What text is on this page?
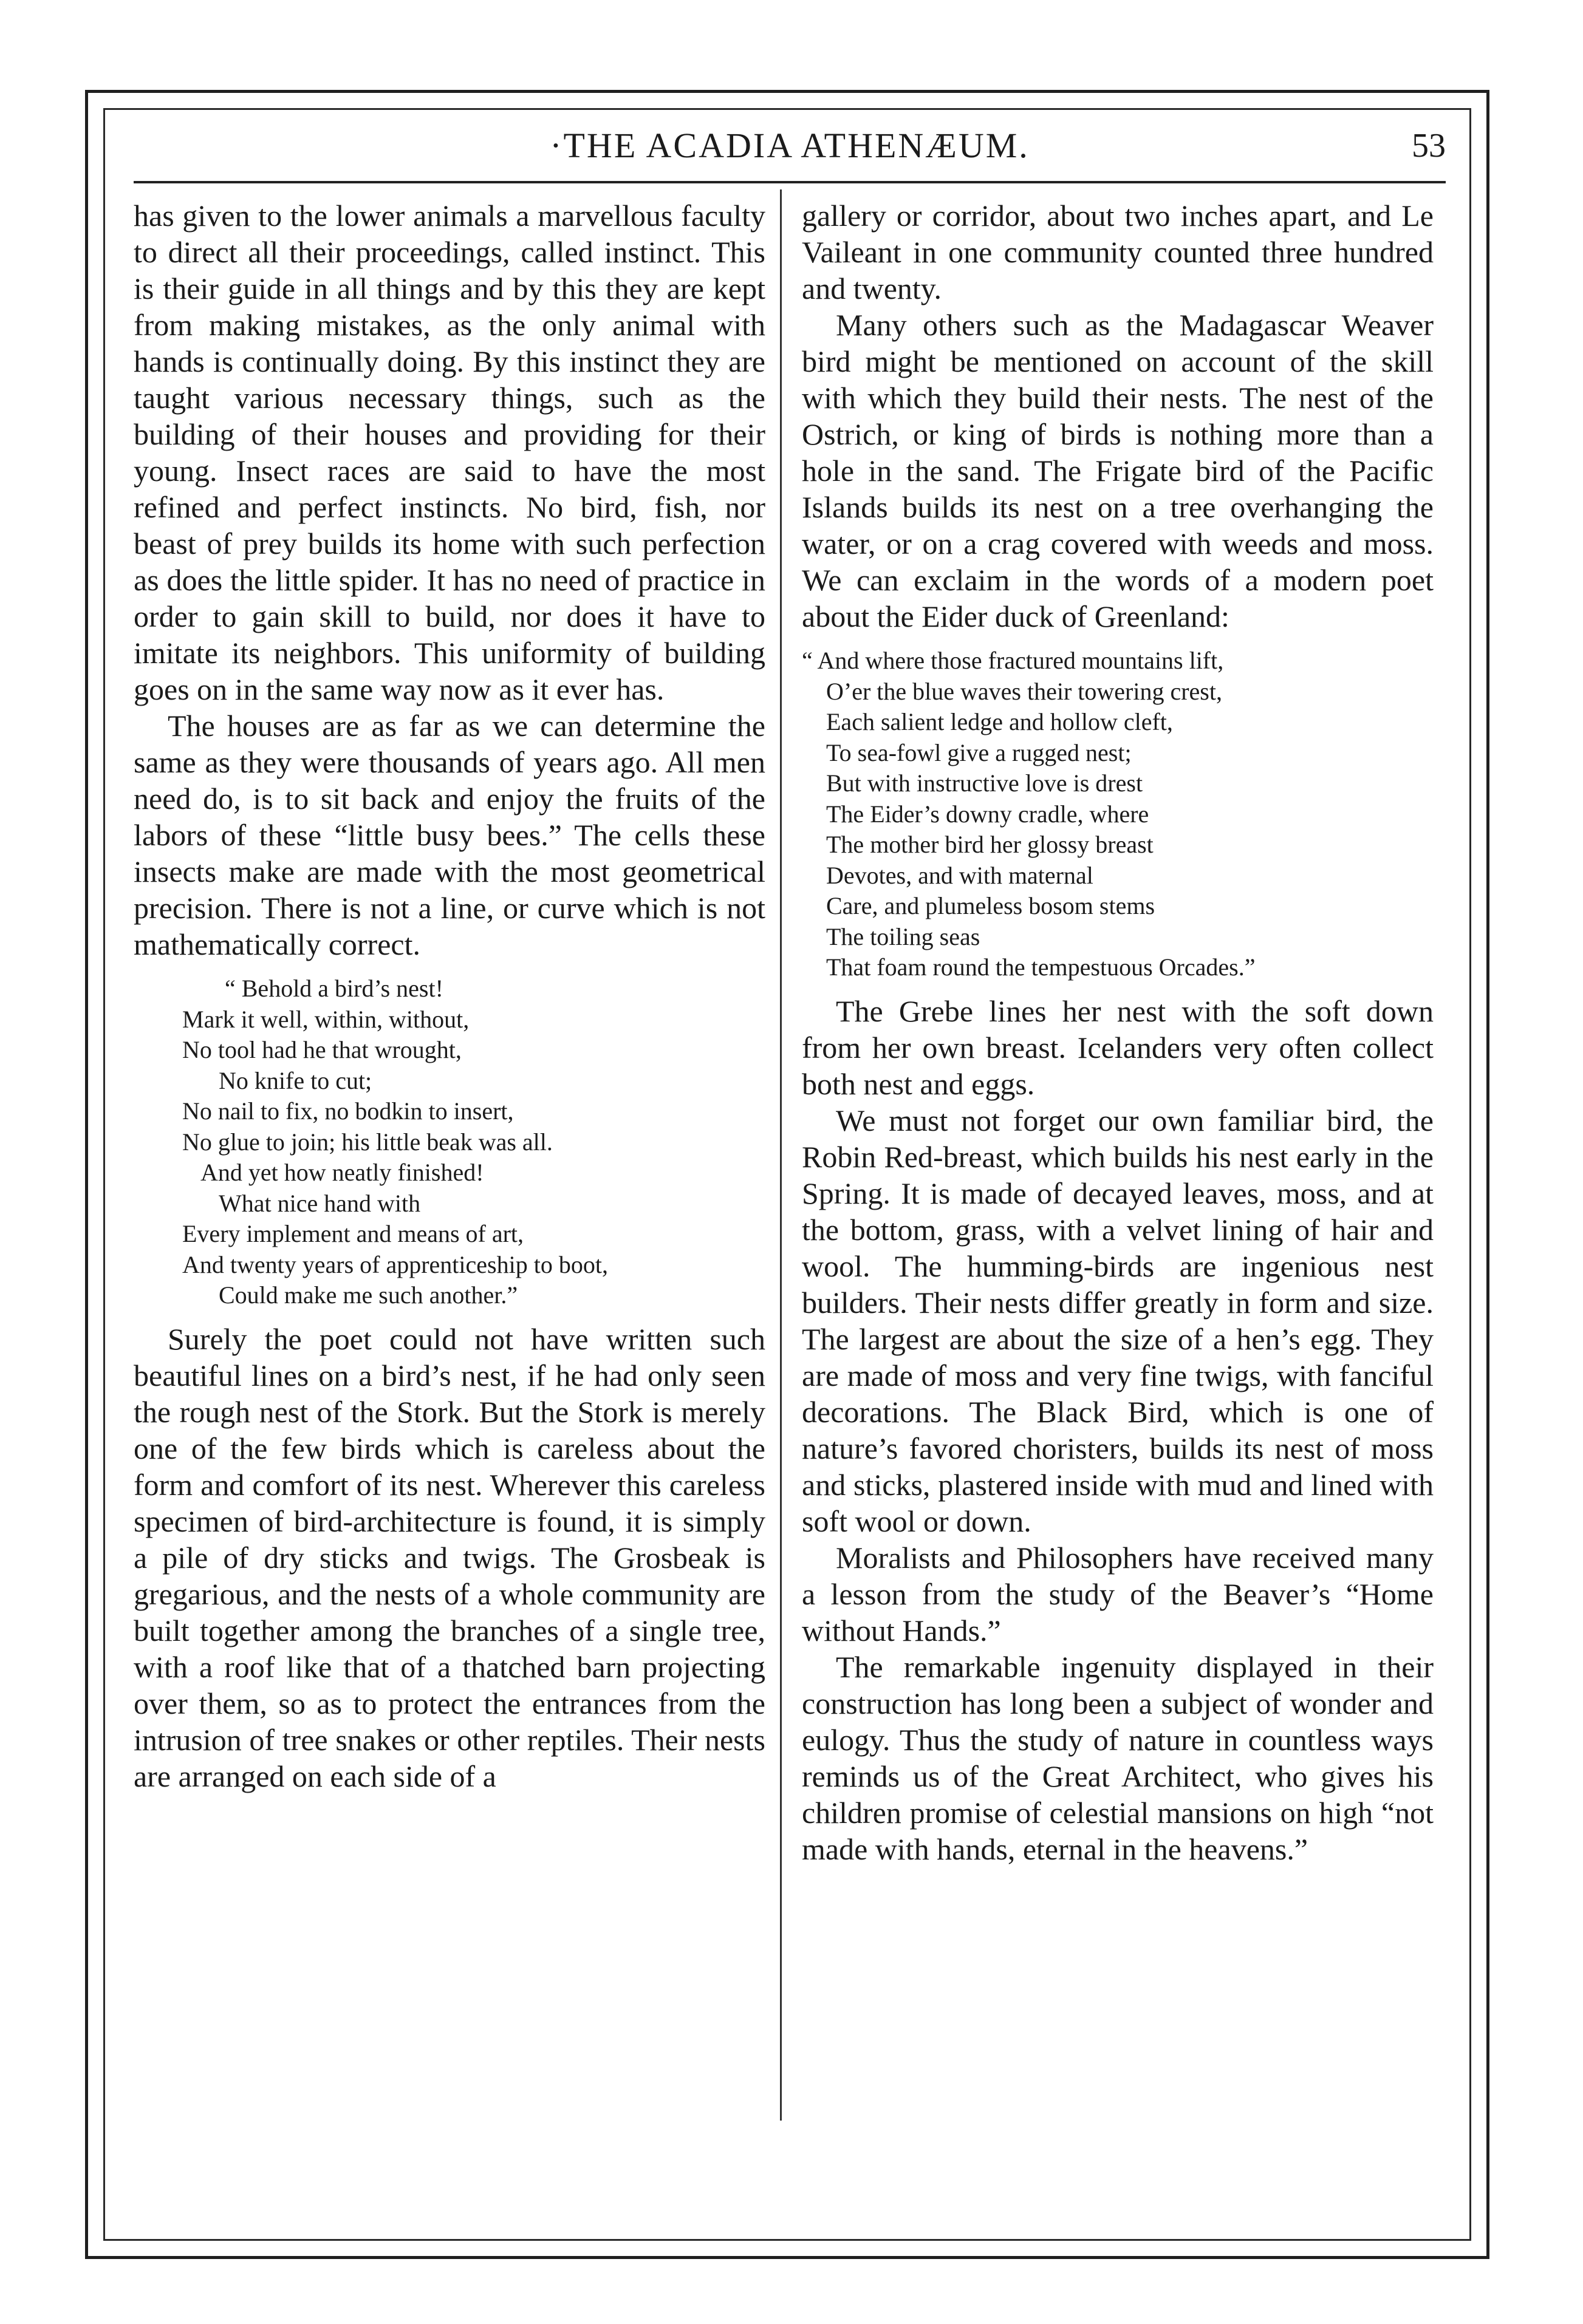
·THE ACADIA ATHENÆUM.	53

has given to the lower animals a marvellous faculty to direct all their proceedings, called instinct. This is their guide in all things and by this they are kept from making mistakes, as the only animal with hands is continually doing. By this instinct they are taught various necessary things, such as the building of their houses and providing for their young. Insect races are said to have the most refined and perfect instincts. No bird, fish, nor beast of prey builds its home with such perfection as does the little spider. It has no need of practice in order to gain skill to build, nor does it have to imitate its neighbors. This uniformity of building goes on in the same way now as it ever has.

The houses are as far as we can determine the same as they were thousands of years ago. All men need do, is to sit back and enjoy the fruits of the labors of these “little busy bees.” The cells these insects make are made with the most geometrical precision. There is not a line, or curve which is not mathematically correct.

“ Behold a bird’s nest!
Mark it well, within, without,
No tool had he that wrought,
No knife to cut;
No nail to fix, no bodkin to insert,
No glue to join; his little beak was all.
And yet how neatly finished!
What nice hand with
Every implement and means of art,
And twenty years of apprenticeship to boot,
Could make me such another.”

Surely the poet could not have written such beautiful lines on a bird’s nest, if he had only seen the rough nest of the Stork. But the Stork is merely one of the few birds which is careless about the form and comfort of its nest. Wherever this careless specimen of bird-architecture is found, it is simply a pile of dry sticks and twigs. The Grosbeak is gregarious, and the nests of a whole community are built together among the branches of a single tree, with a roof like that of a thatched barn projecting over them, so as to protect the entrances from the intrusion of tree snakes or other reptiles. Their nests are arranged on each side of a

gallery or corridor, about two inches apart, and Le Vaileant in one community counted three hundred and twenty.

Many others such as the Madagascar Weaver bird might be mentioned on account of the skill with which they build their nests. The nest of the Ostrich, or king of birds is nothing more than a hole in the sand. The Frigate bird of the Pacific Islands builds its nest on a tree overhanging the water, or on a crag covered with weeds and moss. We can exclaim in the words of a modern poet about the Eider duck of Greenland:

“ And where those fractured mountains lift,
O’er the blue waves their towering crest,
Each salient ledge and hollow cleft,
To sea-fowl give a rugged nest;
But with instructive love is drest
The Eider’s downy cradle, where
The mother bird her glossy breast
Devotes, and with maternal
Care, and plumeless bosom stems
The toiling seas
That foam round the tempestuous Orcades.”

The Grebe lines her nest with the soft down from her own breast. Icelanders very often collect both nest and eggs.

We must not forget our own familiar bird, the Robin Red-breast, which builds his nest early in the Spring. It is made of decayed leaves, moss, and at the bottom, grass, with a velvet lining of hair and wool. The humming-birds are ingenious nest builders. Their nests differ greatly in form and size. The largest are about the size of a hen’s egg. They are made of moss and very fine twigs, with fanciful decorations. The Black Bird, which is one of nature’s favored choristers, builds its nest of moss and sticks, plastered inside with mud and lined with soft wool or down.

Moralists and Philosophers have received many a lesson from the study of the Beaver’s “Home without Hands.”

The remarkable ingenuity displayed in their construction has long been a subject of wonder and eulogy. Thus the study of nature in countless ways reminds us of the Great Architect, who gives his children promise of celestial mansions on high “not made with hands, eternal in the heavens.”
